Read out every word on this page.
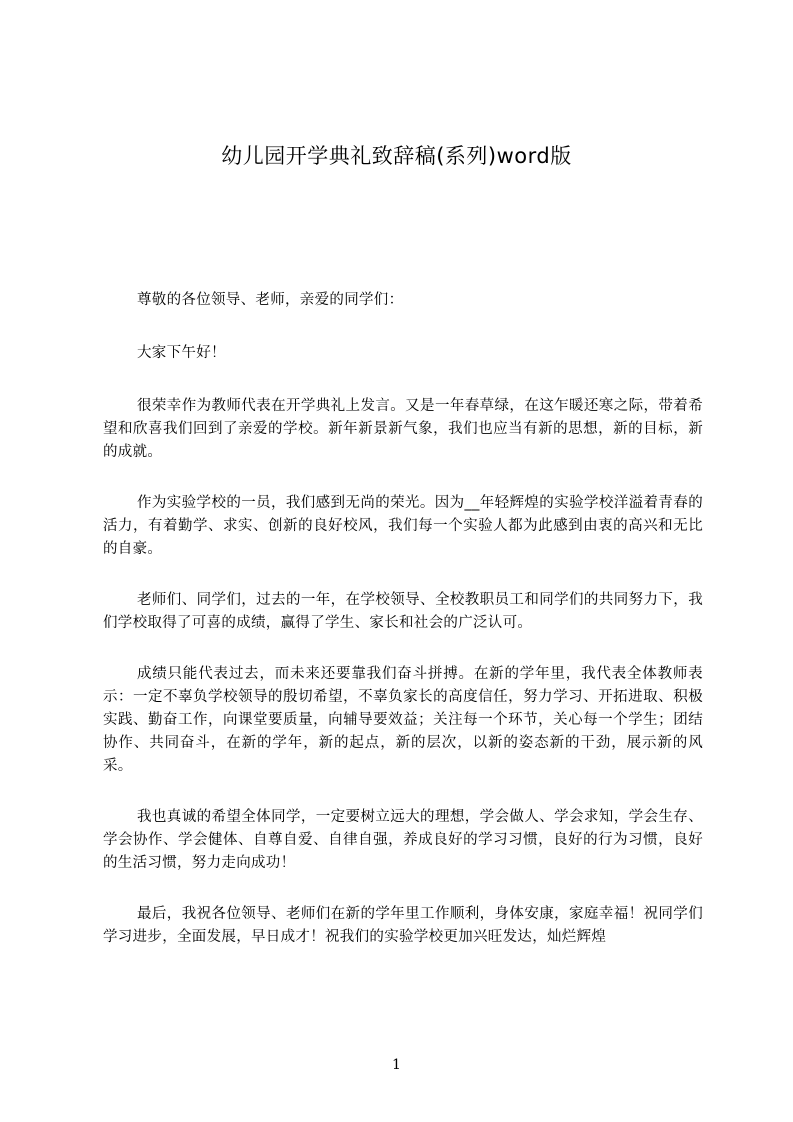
幼儿园开学典礼致辞稿(系列)word版

尊敬的各位领导、老师，亲爱的同学们：

大家下午好！

很荣幸作为教师代表在开学典礼上发言。又是一年春草绿，在这乍暖还寒之际，带着希望和欣喜我们回到了亲爱的学校。新年新景新气象，我们也应当有新的思想，新的目标，新的成就。

作为实验学校的一员，我们感到无尚的荣光。因为__年轻辉煌的实验学校洋溢着青春的活力，有着勤学、求实、创新的良好校风，我们每一个实验人都为此感到由衷的高兴和无比的自豪。

老师们、同学们，过去的一年，在学校领导、全校教职员工和同学们的共同努力下，我们学校取得了可喜的成绩，赢得了学生、家长和社会的广泛认可。

成绩只能代表过去，而未来还要靠我们奋斗拼搏。在新的学年里，我代表全体教师表示：一定不辜负学校领导的殷切希望，不辜负家长的高度信任，努力学习、开拓进取、积极实践、勤奋工作，向课堂要质量，向辅导要效益；关注每一个环节，关心每一个学生；团结协作、共同奋斗，在新的学年，新的起点，新的层次，以新的姿态新的干劲，展示新的风采。

我也真诚的希望全体同学，一定要树立远大的理想，学会做人、学会求知，学会生存、学会协作、学会健体、自尊自爱、自律自强，养成良好的学习习惯，良好的行为习惯，良好的生活习惯，努力走向成功！

最后，我祝各位领导、老师们在新的学年里工作顺利，身体安康，家庭幸福！祝同学们学习进步，全面发展，早日成才！祝我们的实验学校更加兴旺发达，灿烂辉煌

1
